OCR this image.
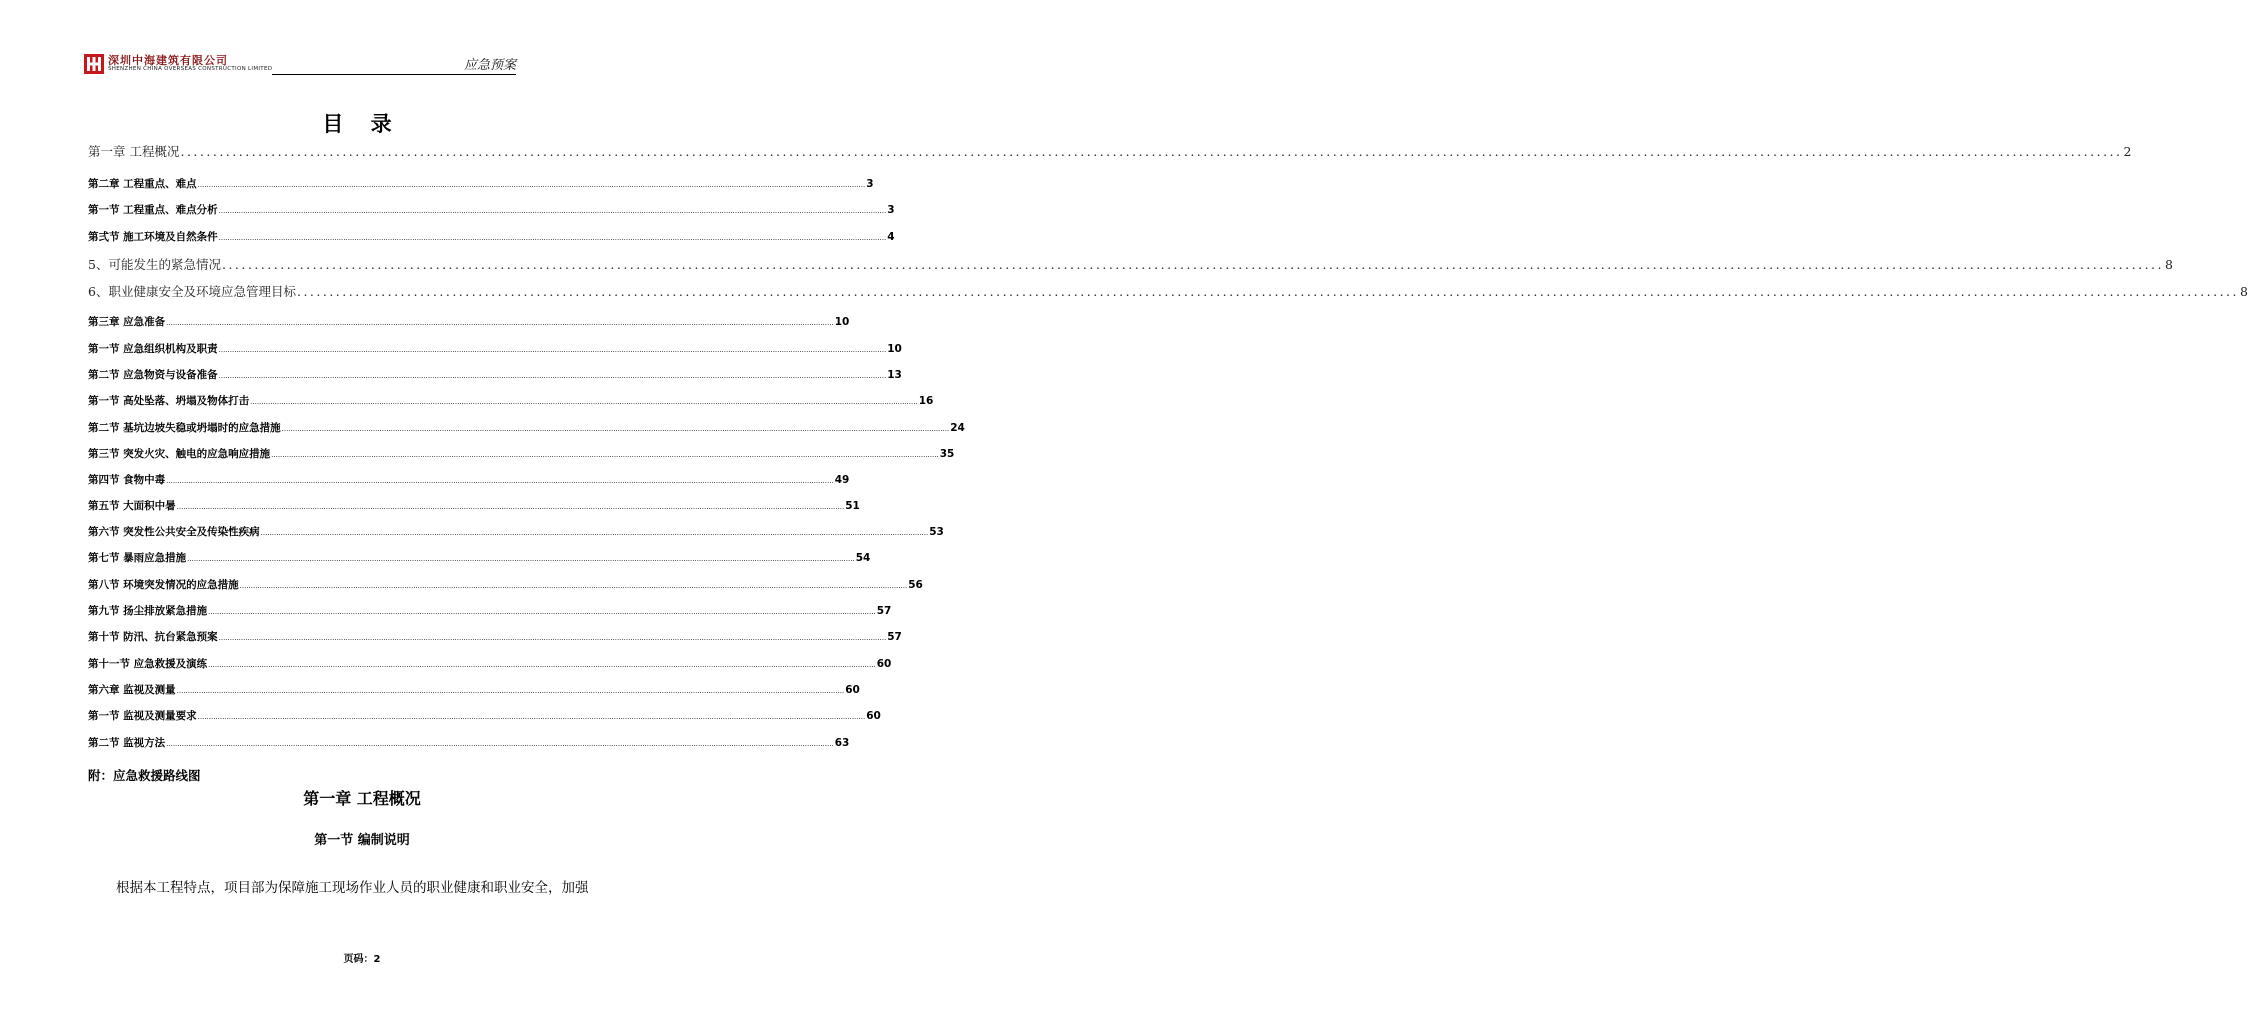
深圳中海建筑有限公司
SHENZHEN CHINA OVERSEAS CONSTRUCTION LIMITED	应急预案
目 录
第一章 工程概况 ............................................................................................................................................................................................................................................................................................................ 2
第二章 工程重点、难点 ............................................................................................................................................................................................................................................................................................................ 3
第一节 工程重点、难点分析 ............................................................................................................................................................................................................................................................................................................ 3
第弍节 施工环境及自然条件 ............................................................................................................................................................................................................................................................................................................ 4
5、可能发生的紧急情况 ............................................................................................................................................................................................................................................................................................................ 8
6、职业健康安全及环境应急管理目标 ............................................................................................................................................................................................................................................................................................................ 8
第三章 应急准备 ............................................................................................................................................................................................................................................................................................................ 10
第一节 应急组织机构及职责 ............................................................................................................................................................................................................................................................................................................ 10
第二节 应急物资与设备准备 ............................................................................................................................................................................................................................................................................................................ 13
第一节 高处坠落、坍塌及物体打击 ............................................................................................................................................................................................................................................................................................................ 16
第二节 基坑边坡失稳或坍塌时的应急措施 ............................................................................................................................................................................................................................................................................................................ 24
第三节 突发火灾、触电的应急响应措施 ............................................................................................................................................................................................................................................................................................................ 35
第四节 食物中毒 ............................................................................................................................................................................................................................................................................................................ 49
第五节 大面积中暑 ............................................................................................................................................................................................................................................................................................................ 51
第六节 突发性公共安全及传染性疾病 ............................................................................................................................................................................................................................................................................................................ 53
第七节 暴雨应急措施 ............................................................................................................................................................................................................................................................................................................ 54
第八节 环境突发情况的应急措施 ............................................................................................................................................................................................................................................................................................................ 56
第九节 扬尘排放紧急措施 ............................................................................................................................................................................................................................................................................................................ 57
第十节 防汛、抗台紧急预案 ............................................................................................................................................................................................................................................................................................................ 57
第十一节 应急救援及演练 ............................................................................................................................................................................................................................................................................................................ 60
第六章 监视及测量 ............................................................................................................................................................................................................................................................................................................ 60
第一节 监视及测量要求 ............................................................................................................................................................................................................................................................................................................ 60
第二节 监视方法 ............................................................................................................................................................................................................................................................................................................ 63
附：应急救援路线图
第一章 工程概况
第一节 编制说明
根据本工程特点，项目部为保障施工现场作业人员的职业健康和职业安全，加强
页码：2
